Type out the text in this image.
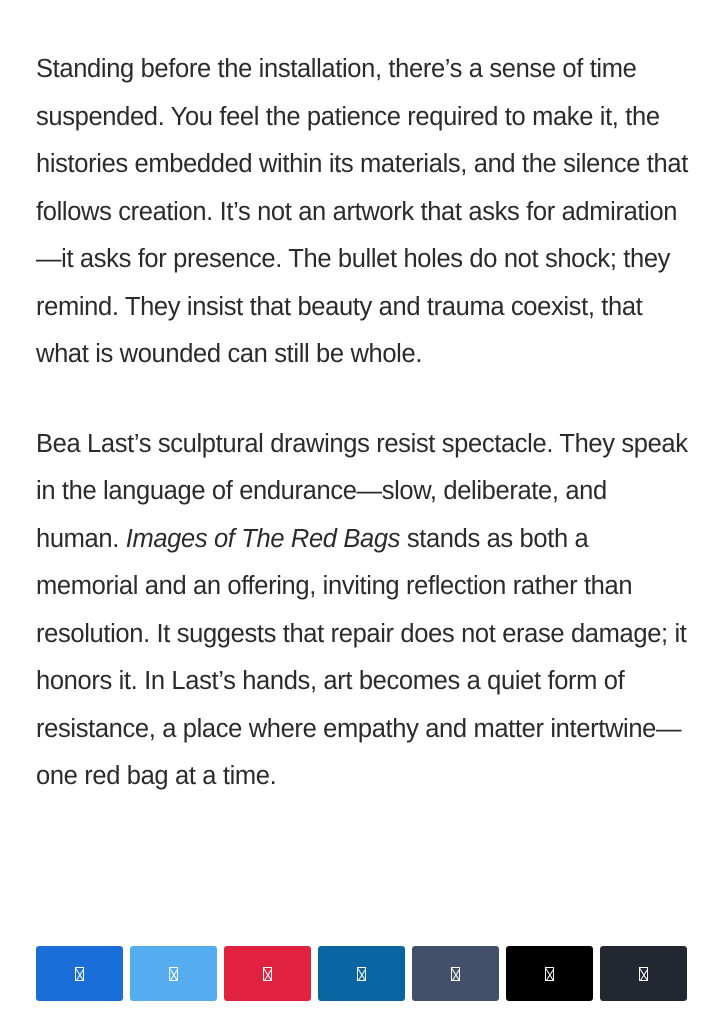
Standing before the installation, there’s a sense of time suspended. You feel the patience required to make it, the histories embedded within its materials, and the silence that follows creation. It’s not an artwork that asks for admiration—it asks for presence. The bullet holes do not shock; they remind. They insist that beauty and trauma coexist, that what is wounded can still be whole.

Bea Last’s sculptural drawings resist spectacle. They speak in the language of endurance—slow, deliberate, and human. Images of The Red Bags stands as both a memorial and an offering, inviting reflection rather than resolution. It suggests that repair does not erase damage; it honors it. In Last’s hands, art becomes a quiet form of resistance, a place where empathy and matter intertwine—one red bag at a time.
